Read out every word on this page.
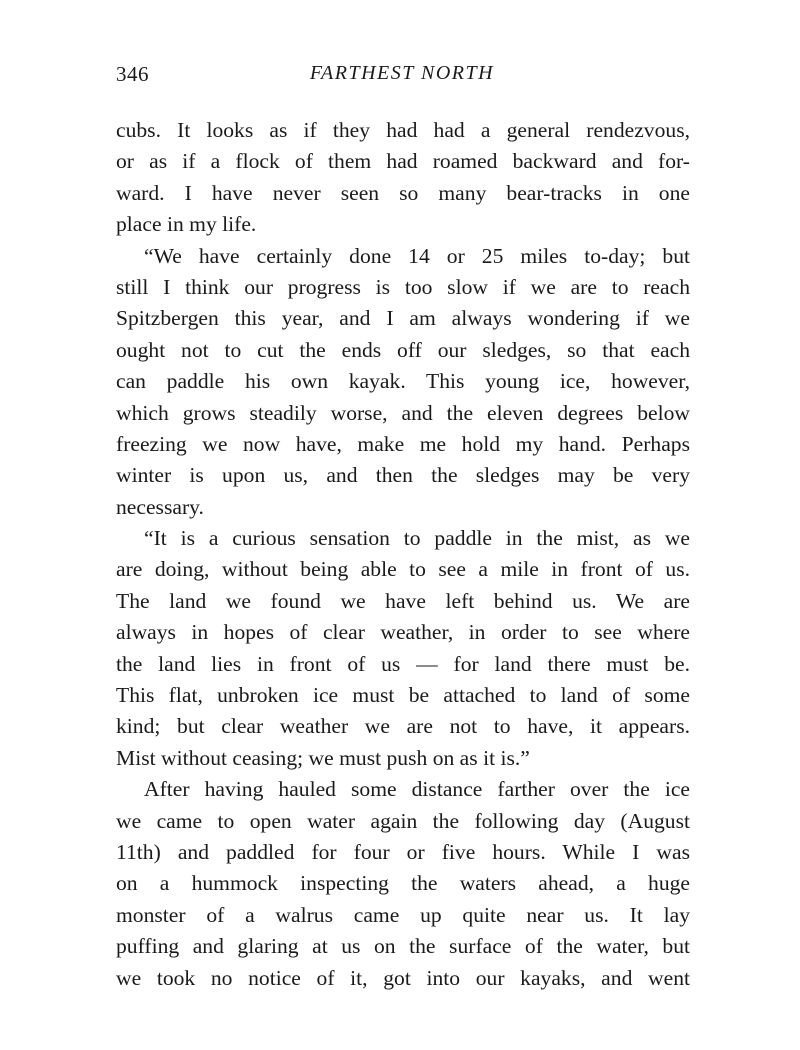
346	FARTHEST NORTH
cubs. It looks as if they had had a general rendezvous,
or as if a flock of them had roamed backward and for-
ward. I have never seen so many bear-tracks in one
place in my life.
“We have certainly done 14 or 25 miles to-day; but
still I think our progress is too slow if we are to reach
Spitzbergen this year, and I am always wondering if we
ought not to cut the ends off our sledges, so that each
can paddle his own kayak. This young ice, however,
which grows steadily worse, and the eleven degrees below
freezing we now have, make me hold my hand. Perhaps
winter is upon us, and then the sledges may be very
necessary.
“It is a curious sensation to paddle in the mist, as we
are doing, without being able to see a mile in front of us.
The land we found we have left behind us. We are
always in hopes of clear weather, in order to see where
the land lies in front of us — for land there must be.
This flat, unbroken ice must be attached to land of some
kind; but clear weather we are not to have, it appears.
Mist without ceasing; we must push on as it is.”
After having hauled some distance farther over the ice
we came to open water again the following day (August
11th) and paddled for four or five hours. While I was
on a hummock inspecting the waters ahead, a huge
monster of a walrus came up quite near us. It lay
puffing and glaring at us on the surface of the water, but
we took no notice of it, got into our kayaks, and went
